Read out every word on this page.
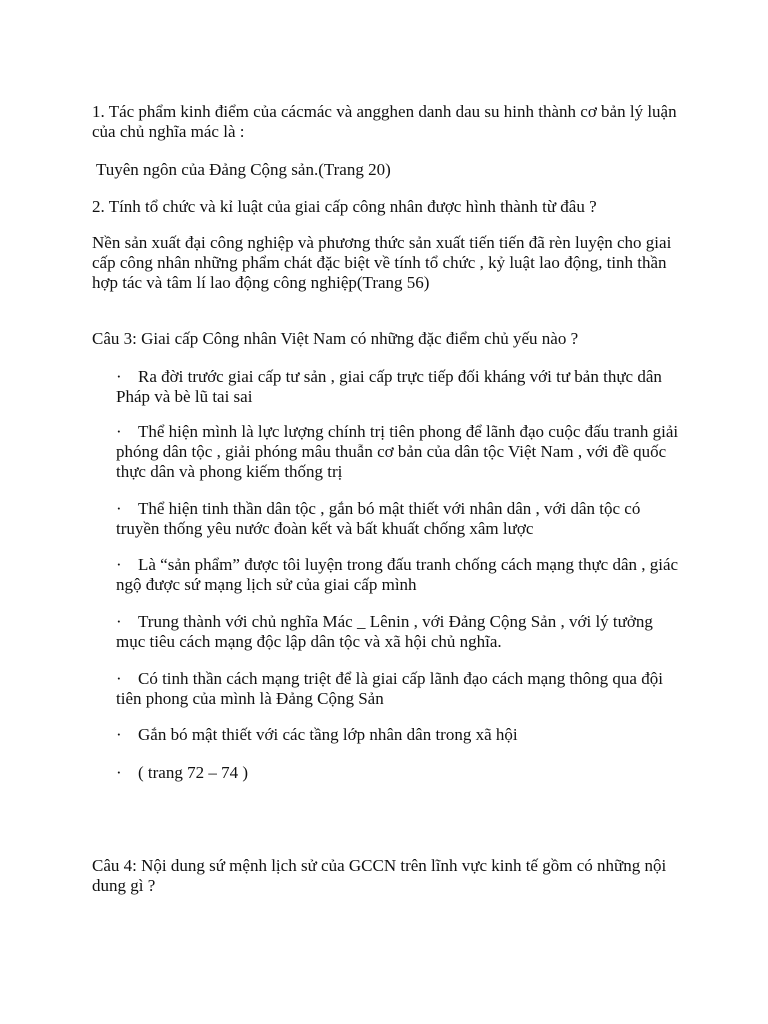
1. Tác phẩm kinh điểm của cácmác và angghen danh dau su hinh thành cơ bản lý luận của chủ nghĩa mác là :

Tuyên ngôn của Đảng Cộng sản.(Trang 20)

2. Tính tổ chức và kỉ luật của giai cấp công nhân được hình thành từ đâu ?

Nền sản xuất đại công nghiệp và phương thức sản xuất tiến tiến đã rèn luyện cho giai cấp công nhân những phẩm chát đặc biệt về tính tổ chức , kỷ luật lao động, tinh thần hợp tác và tâm lí lao động công nghiệp(Trang 56)

Câu 3: Giai cấp Công nhân Việt Nam có những đặc điểm chủ yếu nào ?

· Ra đời trước giai cấp tư sản , giai cấp trực tiếp đối kháng với tư bản thực dân Pháp và bè lũ tai sai

· Thể hiện mình là lực lượng chính trị tiên phong để lãnh đạo cuộc đấu tranh giải phóng dân tộc , giải phóng mâu thuẫn cơ bản của dân tộc Việt Nam , với đề quốc thực dân và phong kiếm thống trị

· Thể hiện tinh thần dân tộc , gắn bó mật thiết với nhân dân , với dân tộc có truyền thống yêu nước đoàn kết và bất khuất chống xâm lược

· Là “sản phẩm” được tôi luyện trong đấu tranh chống cách mạng thực dân , giác ngộ được sứ mạng lịch sử của giai cấp mình

· Trung thành với chủ nghĩa Mác _ Lênin , với Đảng Cộng Sản , với lý tưởng mục tiêu cách mạng độc lập dân tộc và xã hội chủ nghĩa.

· Có tinh thần cách mạng triệt để là giai cấp lãnh đạo cách mạng thông qua đội tiên phong của mình là Đảng Cộng Sản

· Gắn bó mật thiết với các tầng lớp nhân dân trong xã hội

· ( trang 72 – 74 )

Câu 4: Nội dung sứ mệnh lịch sử của GCCN trên lĩnh vực kinh tế gồm có những nội dung gì ?
